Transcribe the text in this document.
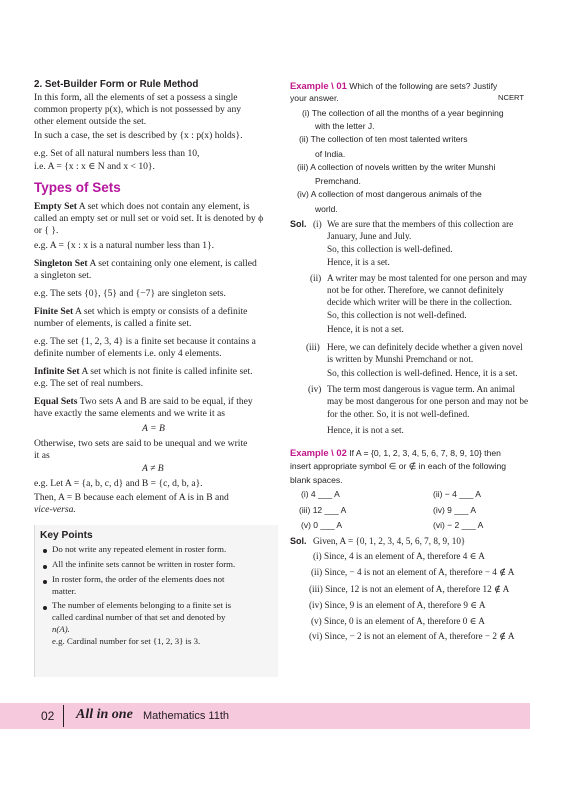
2. Set-Builder Form or Rule Method

In this form, all the elements of set a possess a single

common property p(x), which is not possessed by any

other element outside the set.

In such a case, the set is described by {x : p(x) holds}.

e.g. Set of all natural numbers less than 10,

i.e. A = {x : x ∈ N and x < 10}.

Types of Sets

Empty Set A set which does not contain any element, is

called an empty set or null set or void set. It is denoted by ϕ

or { }.

e.g. A = {x : x is a natural number less than 1}.

Singleton Set A set containing only one element, is called

a singleton set.

e.g. The sets {0}, {5} and {−7} are singleton sets.

Finite Set A set which is empty or consists of a definite

number of elements, is called a finite set.

e.g. The set {1, 2, 3, 4} is a finite set because it contains a

definite number of elements i.e. only 4 elements.

Infinite Set A set which is not finite is called infinite set.

e.g. The set of real numbers.

Equal Sets Two sets A and B are said to be equal, if they

have exactly the same elements and we write it as

A = B

Otherwise, two sets are said to be unequal and we write

it as

A ≠ B

e.g. Let A = {a, b, c, d} and B = {c, d, b, a}.

Then, A = B because each element of A is in B and

vice-versa.

Key Points

Do not write any repeated element in roster form.

All the infinite sets cannot be written in roster form.

In roster form, the order of the elements does not

matter.

The number of elements belonging to a finite set is

called cardinal number of that set and denoted by

n(A).

e.g. Cardinal number for set {1, 2, 3} is 3.

Example \ 01 Which of the following are sets? Justify

your answer.	NCERT

(i) The collection of all the months of a year beginning

with the letter J.

(ii) The collection of ten most talented writers

of India.

(iii) A collection of novels written by the writer Munshi

Premchand.

(iv) A collection of most dangerous animals of the

world.

Sol. (i) We are sure that the members of this collection are

January, June and July.

So, this collection is well-defined.

Hence, it is a set.

(ii) A writer may be most talented for one person and may

not be for other. Therefore, we cannot definitely

decide which writer will be there in the collection.

So, this collection is not well-defined.

Hence, it is not a set.

(iii) Here, we can definitely decide whether a given novel

is written by Munshi Premchand or not.

So, this collection is well-defined. Hence, it is a set.

(iv) The term most dangerous is vague term. An animal

may be most dangerous for one person and may not be

for the other. So, it is not well-defined.

Hence, it is not a set.

Example \ 02 If A = {0, 1, 2, 3, 4, 5, 6, 7, 8, 9, 10} then

insert appropriate symbol ∈ or ∉ in each of the following

blank spaces.

(i) 4 ___ A

(iii) 12 ___ A

(v) 0 ___ A

(ii) − 4 ___ A

(iv) 9 ___ A

(vi) − 2 ___ A

Sol. Given, A = {0, 1, 2, 3, 4, 5, 6, 7, 8, 9, 10}

(i) Since, 4 is an element of A, therefore 4 ∈ A

(ii) Since, − 4 is not an element of A, therefore − 4 ∉ A

(iii) Since, 12 is not an element of A, therefore 12 ∉ A

(iv) Since, 9 is an element of A, therefore 9 ∈ A

(v) Since, 0 is an element of A, therefore 0 ∈ A

(vi) Since, − 2 is not an element of A, therefore − 2 ∉ A

02 All in one Mathematics 11th
